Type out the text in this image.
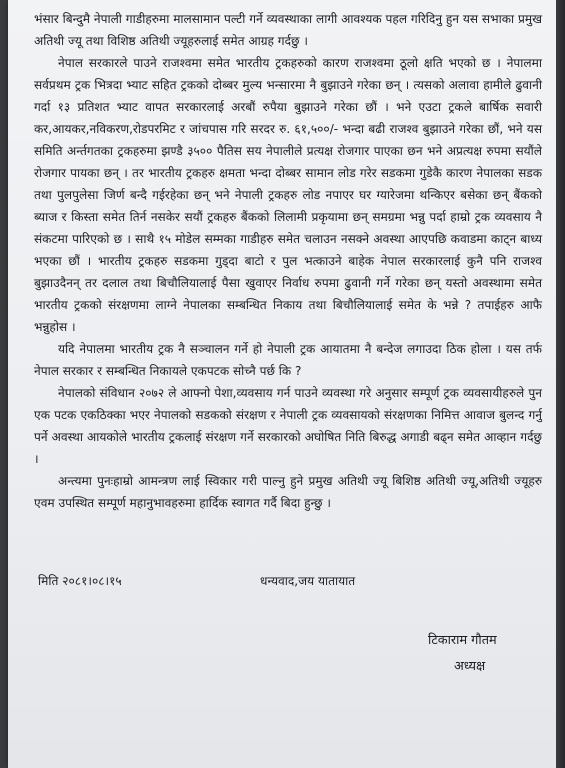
भंसार बिन्दुमै नेपाली गाडीहरुमा मालसामान पल्टी गर्ने व्यवस्थाका लागी आवश्यक पहल गरिदिनु हुन यस सभाका प्रमुख अतिथी ज्यू तथा विशिष्ठ अतिथी ज्यूहरुलाई समेत आग्रह गर्दछु ।

नेपाल सरकारले पाउने राजश्वमा समेत भारतीय ट्रकहरुको कारण राजश्वमा ठूलो क्षति भएको छ । नेपालमा सर्वप्रथम ट्रक भित्रदा भ्याट सहित ट्रकको दोब्बर मुल्य भन्सारमा नै बुझाउने गरेका छन् । त्यसको अलावा हामीले ढुवानी गर्दा १३ प्रतिशत भ्याट वापत सरकारलाई अरबौं रुपैया बुझाउने गरेका छौं । भने एउटा ट्रकले बार्षिक सवारी कर,आयकर,नविकरण,रोडपरमिट र जांचपास गरि सरदर रु. ६१,५००/- भन्दा बढी राजश्व बुझाउने गरेका छौं, भने यस समिति अर्न्तगतका ट्रकहरुमा झण्डै ३५०० पैतिस सय नेपालीले प्रत्यक्ष रोजगार पाएका छन भने अप्रत्यक्ष रुपमा सयौंले रोजगार पायका छन् । तर भारतीय ट्रकहरु क्षमता भन्दा दोब्बर सामान लोड गरेर सडकमा गुडेकै कारण नेपालका सडक तथा पुलपुलेसा जिर्ण बन्दै गईरहेका छन् भने नेपाली ट्रकहरु लोड नपाएर घर ग्यारेजमा थन्किएर बसेका छन् बैंकको ब्याज र किस्ता समेत तिर्न नसकेर सयौं ट्रकहरु बैंकको लिलामी प्रकृयामा छन् समग्रमा भन्नु पर्दा हाम्रो ट्रक व्यवसाय नै संकटमा पारिएको छ । साथै १५ मोडेल सम्मका गाडीहरु समेत चलाउन नसक्ने अवस्था आएपछि कवाडमा काट्न बाध्य भएका छौं । भारतीय ट्रकहरु सडकमा गुड्दा बाटो र पुल भत्काउने बाहेक नेपाल सरकारलाई कुनै पनि राजश्व बुझाउदैनन् तर दलाल तथा बिचौलियालाई पैसा खुवाएर निर्वाध रुपमा ढुवानी गर्ने गरेका छन् यस्तो अवस्थामा समेत भारतीय ट्रकको संरक्षणमा लाग्ने नेपालका सम्बन्धित निकाय तथा बिचौलियालाई समेत के भन्ने ? तपाईहरु आफै भन्नुहोस ।

यदि नेपालमा भारतीय ट्रक नै सञ्चालन गर्ने हो नेपाली ट्रक आयातमा नै बन्देज लगाउदा ठिक होला । यस तर्फ नेपाल सरकार र सम्बन्धित निकायले एकपटक सोच्नै पर्छ कि ?

नेपालको संविधान २०७२ ले आफ्नो पेशा,व्यवसाय गर्न पाउने व्यवस्था गरे अनुसार सम्पूर्ण ट्रक व्यवसायीहरुले पुन एक पटक एकठिक्का भएर नेपालको सडकको संरक्षण र नेपाली ट्रक व्यवसायको संरक्षणका निमित्त आवाज बुलन्द गर्नु पर्ने अवस्था आयकोले भारतीय ट्रकलाई संरक्षण गर्ने सरकारको अघोषित निति बिरुद्ध अगाडी बढ्न समेत आव्हान गर्दछु ।

अन्त्यमा पुनःहाम्रो आमन्त्रण लाई स्विकार गरी पाल्नु हुने प्रमुख अतिथी ज्यू बिशिष्ठ अतिथी ज्यू,अतिथी ज्यूहरु एवम उपस्थित सम्पूर्ण महानुभावहरुमा हार्दिक स्वागत गर्दै बिदा हुन्छु ।

मिति २०८१।०८।१५	धन्यवाद,जय यातायात
टिकाराम गौतम
अध्यक्ष
